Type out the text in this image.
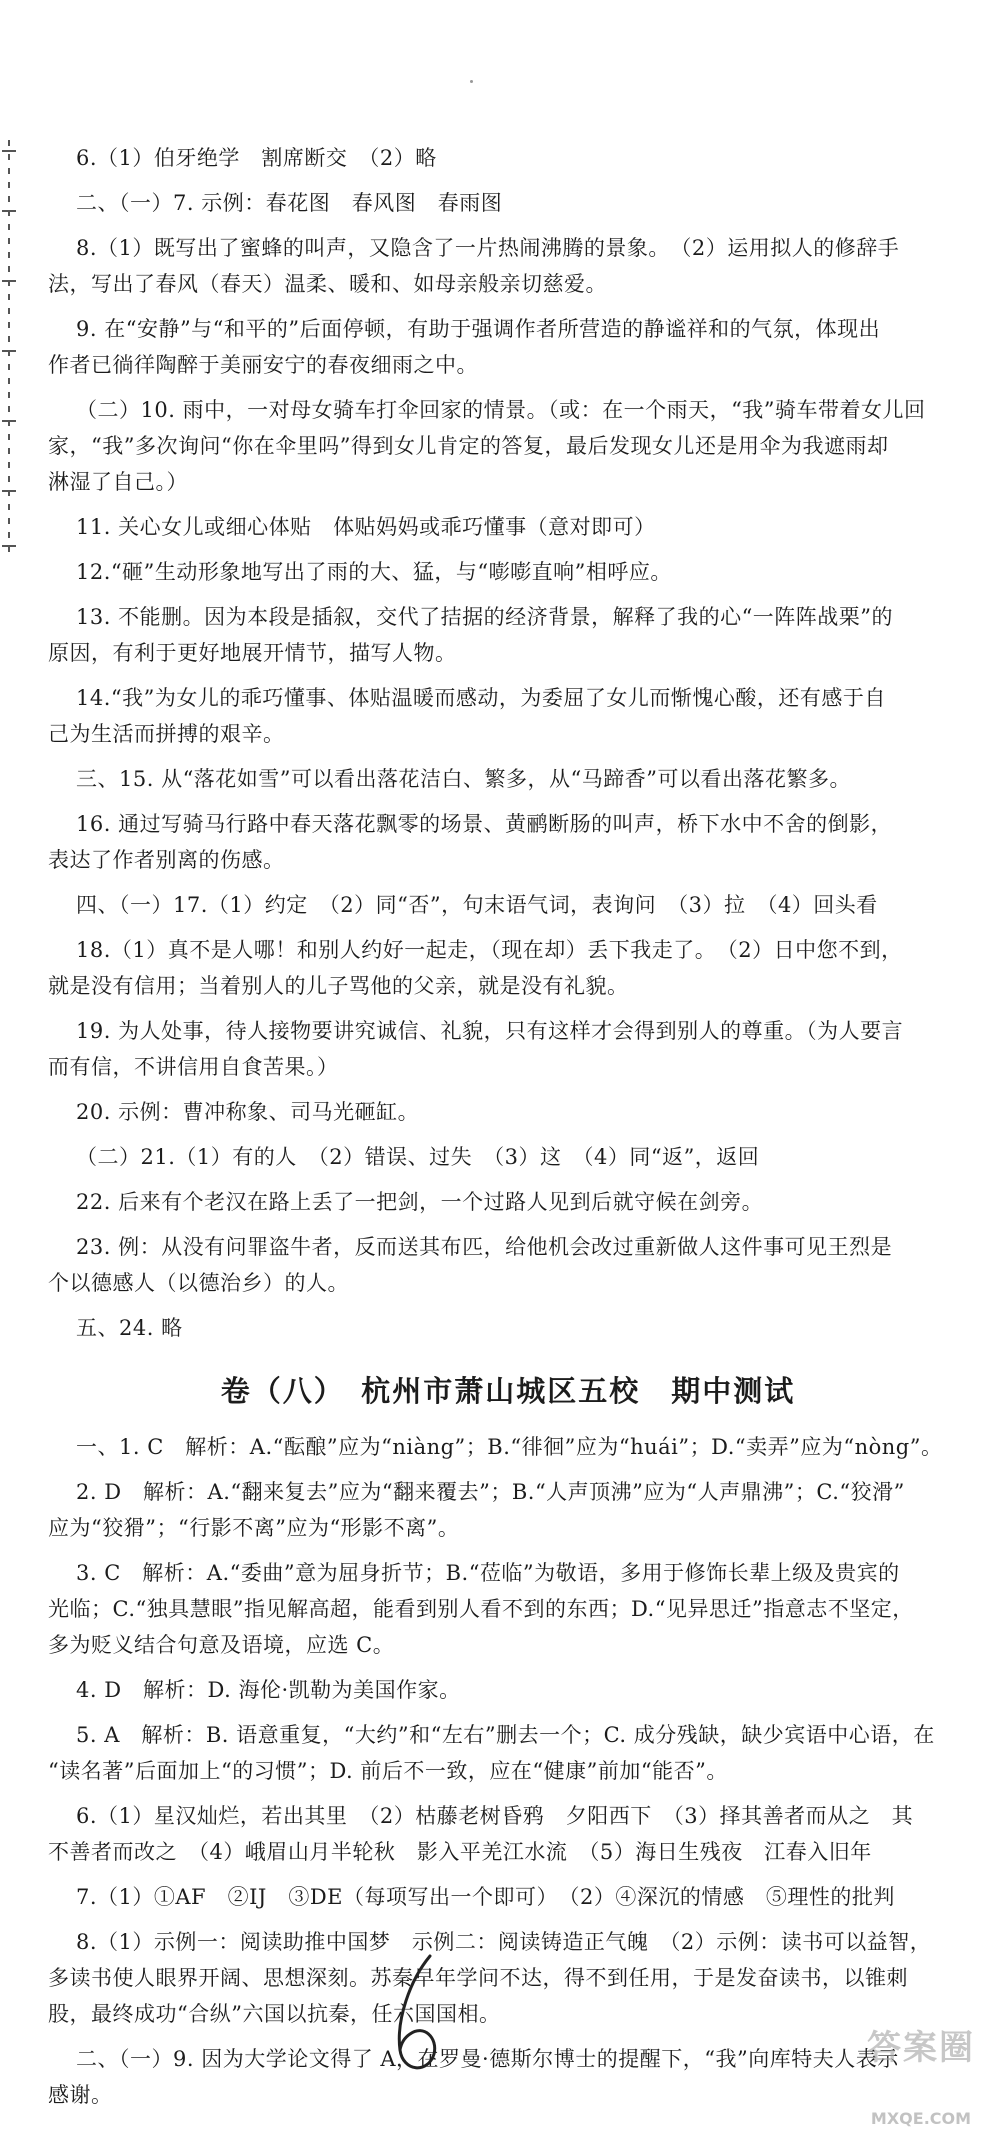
6.（1）伯牙绝学　割席断交　（2）略
二、（一）7. 示例：春花图　春风图　春雨图
8.（1）既写出了蜜蜂的叫声，又隐含了一片热闹沸腾的景象。　（2）运用拟人的修辞手
法，写出了春风（春天）温柔、暖和、如母亲般亲切慈爱。
9. 在“安静”与“和平的”后面停顿，有助于强调作者所营造的静谧祥和的气氛，体现出
作者已徜徉陶醉于美丽安宁的春夜细雨之中。
（二）10. 雨中，一对母女骑车打伞回家的情景。（或：在一个雨天，“我”骑车带着女儿回
家，“我”多次询问“你在伞里吗”得到女儿肯定的答复，最后发现女儿还是用伞为我遮雨却
淋湿了自己。）
11. 关心女儿或细心体贴　体贴妈妈或乖巧懂事（意对即可）
12.“砸”生动形象地写出了雨的大、猛，与“嘭嘭直响”相呼应。
13. 不能删。因为本段是插叙，交代了拮据的经济背景，解释了我的心“一阵阵战栗”的
原因，有利于更好地展开情节，描写人物。
14.“我”为女儿的乖巧懂事、体贴温暖而感动，为委屈了女儿而惭愧心酸，还有感于自
己为生活而拼搏的艰辛。
三、15. 从“落花如雪”可以看出落花洁白、繁多，从“马蹄香”可以看出落花繁多。
16. 通过写骑马行路中春天落花飘零的场景、黄鹂断肠的叫声，桥下水中不舍的倒影，
表达了作者别离的伤感。
四、（一）17.（1）约定　（2）同“否”，句末语气词，表询问　（3）拉　（4）回头看
18.（1）真不是人哪！和别人约好一起走，（现在却）丢下我走了。　（2）日中您不到，
就是没有信用；当着别人的儿子骂他的父亲，就是没有礼貌。
19. 为人处事，待人接物要讲究诚信、礼貌，只有这样才会得到别人的尊重。（为人要言
而有信，不讲信用自食苦果。）
20. 示例：曹冲称象、司马光砸缸。
（二）21.（1）有的人　（2）错误、过失　（3）这　（4）同“返”，返回
22. 后来有个老汉在路上丢了一把剑，一个过路人见到后就守候在剑旁。
23. 例：从没有问罪盗牛者，反而送其布匹，给他机会改过重新做人这件事可见王烈是
个以德感人（以德治乡）的人。
五、24. 略
卷（八）　杭州市萧山城区五校　期中测试
一、1. C　解析：A.“酝酿”应为“niàng”；B.“徘徊”应为“huái”；D.“卖弄”应为“nòng”。
2. D　解析：A.“翻来复去”应为“翻来覆去”；B.“人声顶沸”应为“人声鼎沸”；C.“狡滑”
应为“狡猾”；“行影不离”应为“形影不离”。
3. C　解析：A.“委曲”意为屈身折节；B.“莅临”为敬语，多用于修饰长辈上级及贵宾的
光临；C.“独具慧眼”指见解高超，能看到别人看不到的东西；D.“见异思迁”指意志不坚定，
多为贬义结合句意及语境，应选 C。
4. D　解析：D. 海伦·凯勒为美国作家。
5. A　解析：B. 语意重复，“大约”和“左右”删去一个；C. 成分残缺，缺少宾语中心语，在
“读名著”后面加上“的习惯”；D. 前后不一致，应在“健康”前加“能否”。
6.（1）星汉灿烂，若出其里　（2）枯藤老树昏鸦　夕阳西下　（3）择其善者而从之　其
不善者而改之　（4）峨眉山月半轮秋　影入平羌江水流　（5）海日生残夜　江春入旧年
7.（1）①AF　②IJ　③DE（每项写出一个即可）　（2）④深沉的情感　⑤理性的批判
8.（1）示例一：阅读助推中国梦　示例二：阅读铸造正气魄　（2）示例：读书可以益智，
多读书使人眼界开阔、思想深刻。苏秦早年学问不达，得不到任用，于是发奋读书，以锥刺
股，最终成功“合纵”六国以抗秦，任六国国相。
二、（一）9. 因为大学论文得了 A，在罗曼·德斯尔博士的提醒下，“我”向库特夫人表示
感谢。
答案圈
MXQE.COM
